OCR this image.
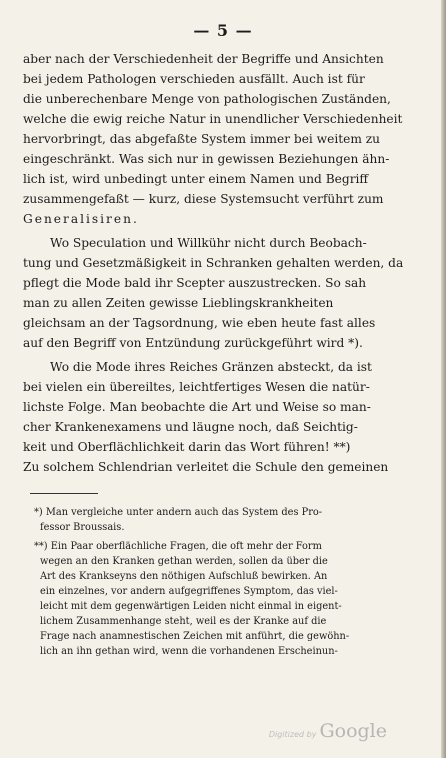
— 5 —
aber nach der Verschiedenheit der Begriffe und Ansichten
bei jedem Pathologen verschieden ausfällt. Auch ist für
die unberechenbare Menge von pathologischen Zuständen,
welche die ewig reiche Natur in unendlicher Verschiedenheit
hervorbringt, das abgefaßte System immer bei weitem zu
eingeschränkt. Was sich nur in gewissen Beziehungen ähn-
lich ist, wird unbedingt unter einem Namen und Begriff
zusammengefaßt — kurz, diese Systemsucht verführt zum
Generalisiren.
Wo Speculation und Willkühr nicht durch Beobach-
tung und Gesetzmäßigkeit in Schranken gehalten werden, da
pflegt die Mode bald ihr Scepter auszustrecken. So sah
man zu allen Zeiten gewisse Lieblingskrankheiten
gleichsam an der Tagsordnung, wie eben heute fast alles
auf den Begriff von Entzündung zurückgeführt wird *).
Wo die Mode ihres Reiches Gränzen absteckt, da ist
bei vielen ein übereiltes, leichtfertiges Wesen die natür-
lichste Folge. Man beobachte die Art und Weise so man-
cher Krankenexamens und läugne noch, daß Seichtig-
keit und Oberflächlichkeit darin das Wort führen! **)
Zu solchem Schlendrian verleitet die Schule den gemeinen
*) Man vergleiche unter andern auch das System des Pro-
fessor Broussais.
**) Ein Paar oberflächliche Fragen, die oft mehr der Form
wegen an den Kranken gethan werden, sollen da über die
Art des Krankseyns den nöthigen Aufschluß bewirken. An
ein einzelnes, vor andern aufgegriffenes Symptom, das viel-
leicht mit dem gegenwärtigen Leiden nicht einmal in eigent-
lichem Zusammenhange steht, weil es der Kranke auf die
Frage nach anamnestischen Zeichen mit anführt, die gewöhn-
lich an ihn gethan wird, wenn die vorhandenen Erscheinun-
Digitized by Google
